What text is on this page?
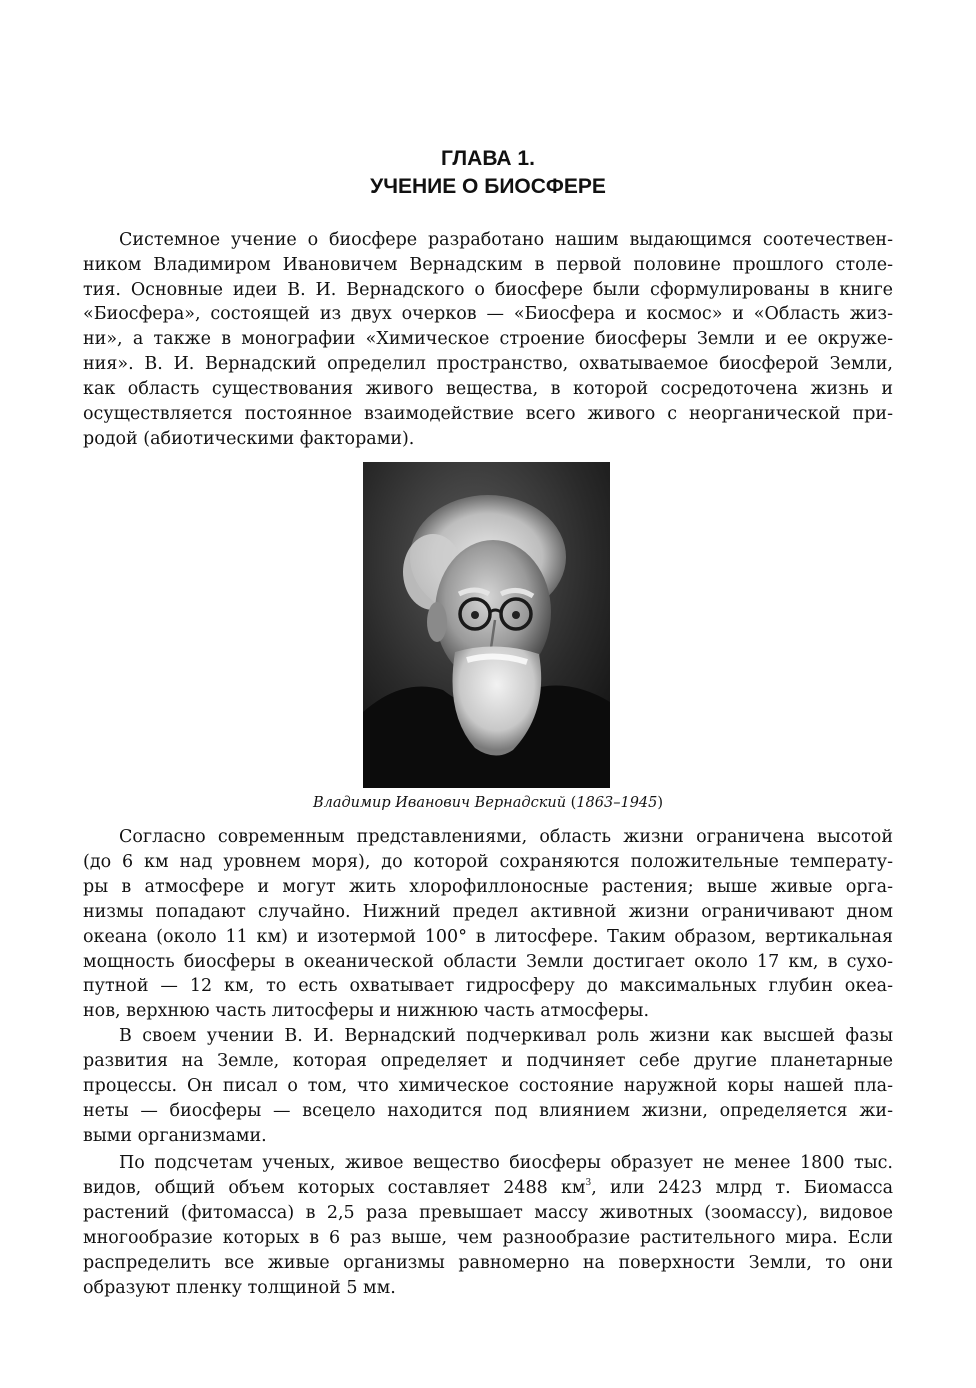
ГЛАВА 1.
УЧЕНИЕ О БИОСФЕРЕ
Системное учение о биосфере разработано нашим выдающимся соотечествен-
ником Владимиром Ивановичем Вернадским в первой половине прошлого столе-
тия. Основные идеи В. И. Вернадского о биосфере были сформулированы в книге
«Биосфера», состоящей из двух очерков — «Биосфера и космос» и «Область жиз-
ни», а также в монографии «Химическое строение биосферы Земли и ее окруже-
ния». В. И. Вернадский определил пространство, охватываемое биосферой Земли,
как область существования живого вещества, в которой сосредоточена жизнь и
осуществляется постоянное взаимодействие всего живого с неорганической при-
родой (абиотическими факторами).
Владимир Иванович Вернадский (1863–1945)
Согласно современным представлениями, область жизни ограничена высотой
(до 6 км над уровнем моря), до которой сохраняются положительные температу-
ры в атмосфере и могут жить хлорофиллоносные растения; выше живые орга-
низмы попадают случайно. Нижний предел активной жизни ограничивают дном
океана (около 11 км) и изотермой 100° в литосфере. Таким образом, вертикальная
мощность биосферы в океанической области Земли достигает около 17 км, в сухо-
путной — 12 км, то есть охватывает гидросферу до максимальных глубин океа-
нов, верхнюю часть литосферы и нижнюю часть атмосферы.
В своем учении В. И. Вернадский подчеркивал роль жизни как высшей фазы
развития на Земле, которая определяет и подчиняет себе другие планетарные
процессы. Он писал о том, что химическое состояние наружной коры нашей пла-
неты — биосферы — всецело находится под влиянием жизни, определяется жи-
выми организмами.
По подсчетам ученых, живое вещество биосферы образует не менее 1800 тыс.
видов, общий объем которых составляет 2488 $км^3$, или 2423 млрд т. Биомасса
растений (фитомасса) в 2,5 раза превышает массу животных (зоомассу), видовое
многообразие которых в 6 раз выше, чем разнообразие растительного мира. Если
распределить все живые организмы равномерно на поверхности Земли, то они
образуют пленку толщиной 5 мм.
